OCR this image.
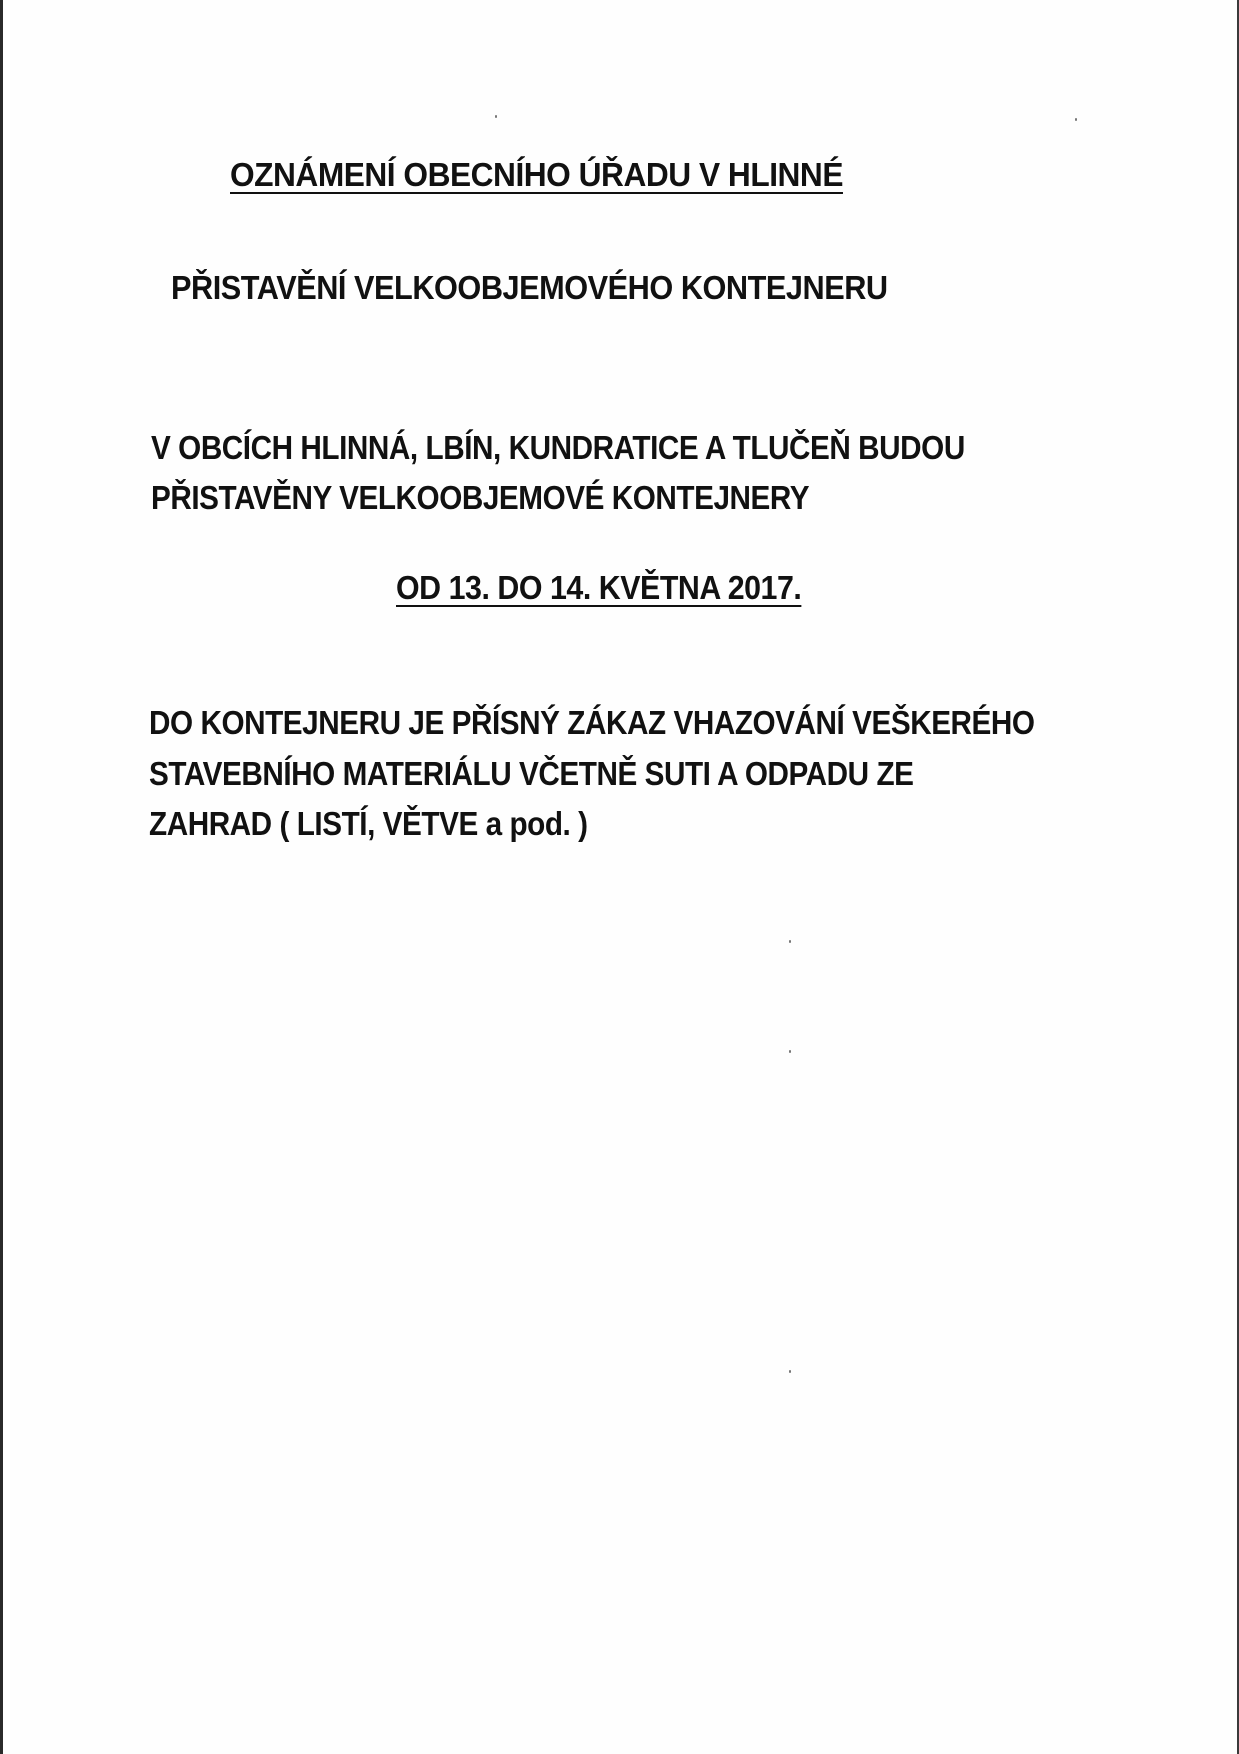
OZNÁMENÍ OBECNÍHO ÚŘADU V HLINNÉ
PŘISTAVĚNÍ VELKOOBJEMOVÉHO KONTEJNERU
V OBCÍCH HLINNÁ, LBÍN, KUNDRATICE A TLUČEŇ BUDOU
PŘISTAVĚNY VELKOOBJEMOVÉ KONTEJNERY
OD 13. DO 14. KVĚTNA 2017.
DO KONTEJNERU JE PŘÍSNÝ ZÁKAZ VHAZOVÁNÍ VEŠKERÉHO
STAVEBNÍHO MATERIÁLU VČETNĚ SUTI A ODPADU ZE
ZAHRAD ( LISTÍ, VĚTVE a pod. )
